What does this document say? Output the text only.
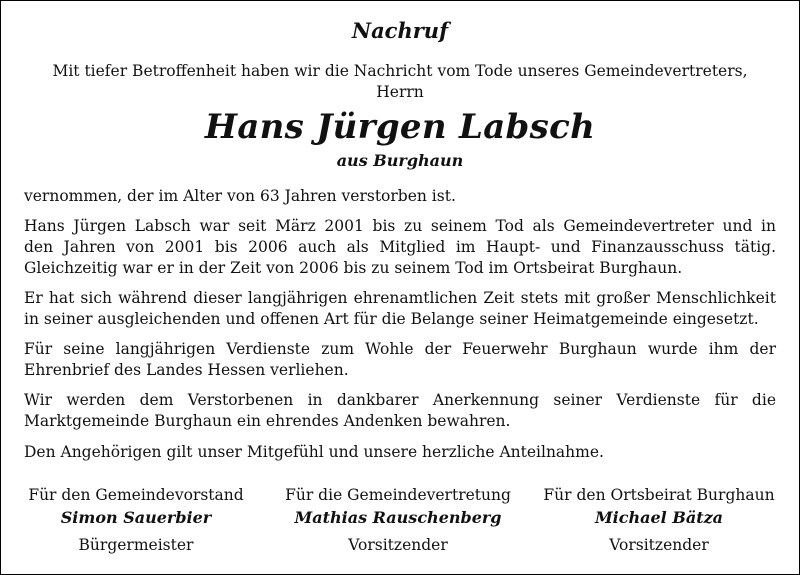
Nachruf
Mit tiefer Betroffenheit haben wir die Nachricht vom Tode unseres Gemeindevertreters,
Herrn
Hans Jürgen Labsch
aus Burghaun
vernommen, der im Alter von 63 Jahren verstorben ist.
Hans Jürgen Labsch war seit März 2001 bis zu seinem Tod als Gemeindevertreter und in
den Jahren von 2001 bis 2006 auch als Mitglied im Haupt- und Finanzausschuss tätig.
Gleichzeitig war er in der Zeit von 2006 bis zu seinem Tod im Ortsbeirat Burghaun.
Er hat sich während dieser langjährigen ehrenamtlichen Zeit stets mit großer Menschlichkeit
in seiner ausgleichenden und offenen Art für die Belange seiner Heimatgemeinde eingesetzt.
Für seine langjährigen Verdienste zum Wohle der Feuerwehr Burghaun wurde ihm der
Ehrenbrief des Landes Hessen verliehen.
Wir werden dem Verstorbenen in dankbarer Anerkennung seiner Verdienste für die
Marktgemeinde Burghaun ein ehrendes Andenken bewahren.
Den Angehörigen gilt unser Mitgefühl und unsere herzliche Anteilnahme.
Für den Gemeindevorstand
Simon Sauerbier
Bürgermeister
Für die Gemeindevertretung
Mathias Rauschenberg
Vorsitzender
Für den Ortsbeirat Burghaun
Michael Bätza
Vorsitzender
